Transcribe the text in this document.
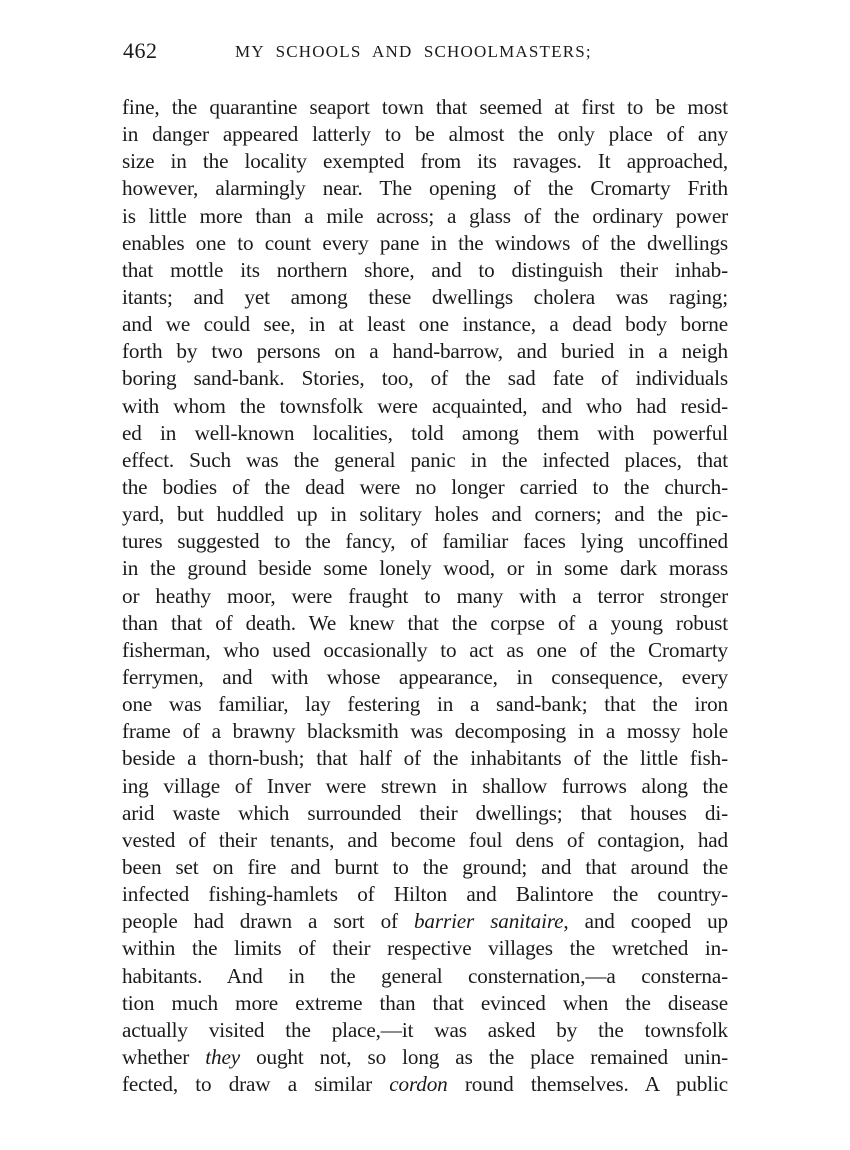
462	MY SCHOOLS AND SCHOOLMASTERS;
fine, the quarantine seaport town that seemed at first to be most
in danger appeared latterly to be almost the only place of any
size in the locality exempted from its ravages. It approached,
however, alarmingly near. The opening of the Cromarty Frith
is little more than a mile across; a glass of the ordinary power
enables one to count every pane in the windows of the dwellings
that mottle its northern shore, and to distinguish their inhab-
itants; and yet among these dwellings cholera was raging;
and we could see, in at least one instance, a dead body borne
forth by two persons on a hand-barrow, and buried in a neigh
boring sand-bank. Stories, too, of the sad fate of individuals
with whom the townsfolk were acquainted, and who had resid-
ed in well-known localities, told among them with powerful
effect. Such was the general panic in the infected places, that
the bodies of the dead were no longer carried to the church-
yard, but huddled up in solitary holes and corners; and the pic-
tures suggested to the fancy, of familiar faces lying uncoffined
in the ground beside some lonely wood, or in some dark morass
or heathy moor, were fraught to many with a terror stronger
than that of death. We knew that the corpse of a young robust
fisherman, who used occasionally to act as one of the Cromarty
ferrymen, and with whose appearance, in consequence, every
one was familiar, lay festering in a sand-bank; that the iron
frame of a brawny blacksmith was decomposing in a mossy hole
beside a thorn-bush; that half of the inhabitants of the little fish-
ing village of Inver were strewn in shallow furrows along the
arid waste which surrounded their dwellings; that houses di-
vested of their tenants, and become foul dens of contagion, had
been set on fire and burnt to the ground; and that around the
infected fishing-hamlets of Hilton and Balintore the country-
people had drawn a sort of barrier sanitaire, and cooped up
within the limits of their respective villages the wretched in-
habitants. And in the general consternation,—a consterna-
tion much more extreme than that evinced when the disease
actually visited the place,—it was asked by the townsfolk
whether they ought not, so long as the place remained unin-
fected, to draw a similar cordon round themselves. A public
